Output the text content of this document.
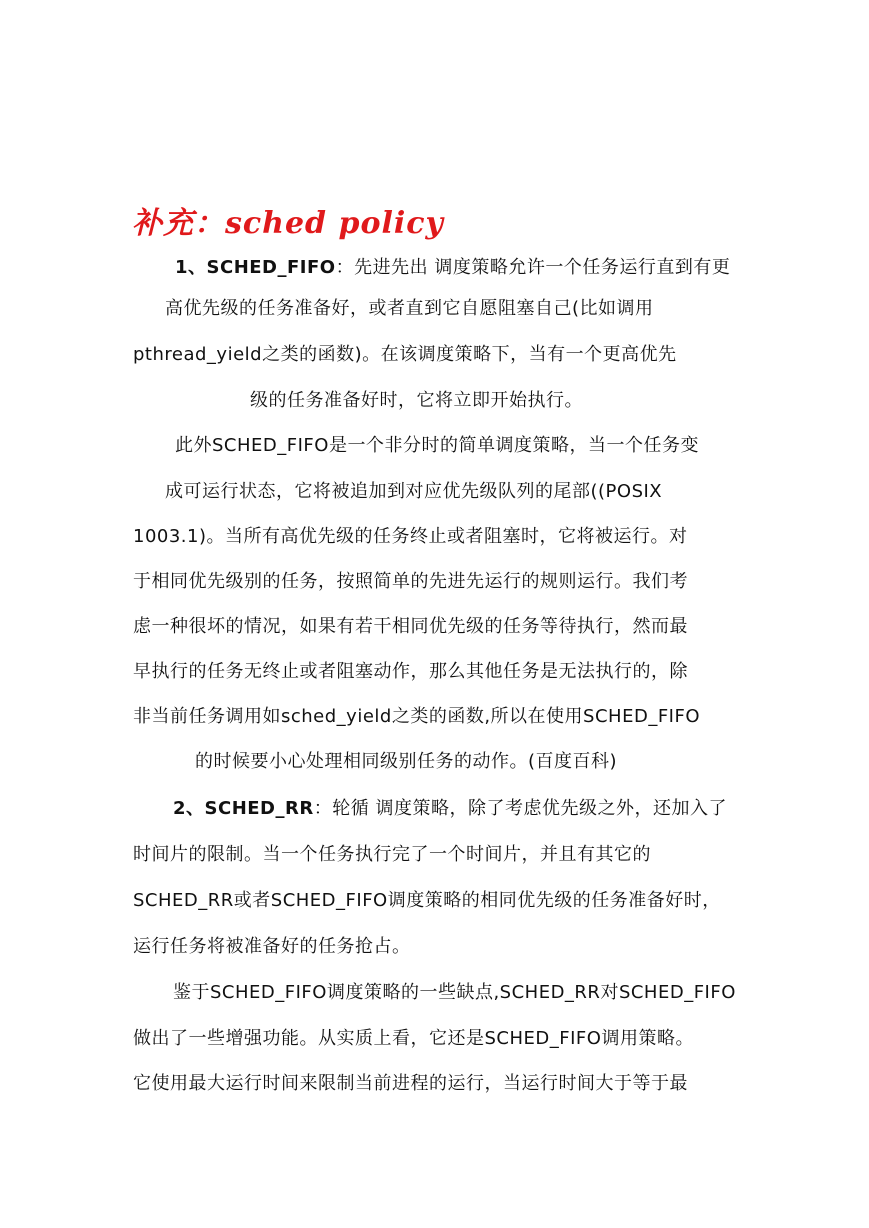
补充：sched policy
1、SCHED_FIFO：先进先出 调度策略允许一个任务运行直到有更
高优先级的任务准备好，或者直到它自愿阻塞自己(比如调用
pthread_yield之类的函数)。在该调度策略下，当有一个更高优先
级的任务准备好时，它将立即开始执行。
此外SCHED_FIFO是一个非分时的简单调度策略，当一个任务变
成可运行状态，它将被追加到对应优先级队列的尾部((POSIX
1003.1)。当所有高优先级的任务终止或者阻塞时，它将被运行。对
于相同优先级别的任务，按照简单的先进先运行的规则运行。我们考
虑一种很坏的情况，如果有若干相同优先级的任务等待执行，然而最
早执行的任务无终止或者阻塞动作，那么其他任务是无法执行的，除
非当前任务调用如sched_yield之类的函数,所以在使用SCHED_FIFO
的时候要小心处理相同级别任务的动作。(百度百科)
2、SCHED_RR：轮循 调度策略，除了考虑优先级之外，还加入了
时间片的限制。当一个任务执行完了一个时间片，并且有其它的
SCHED_RR或者SCHED_FIFO调度策略的相同优先级的任务准备好时，
运行任务将被准备好的任务抢占。
鉴于SCHED_FIFO调度策略的一些缺点,SCHED_RR对SCHED_FIFO
做出了一些增强功能。从实质上看，它还是SCHED_FIFO调用策略。
它使用最大运行时间来限制当前进程的运行，当运行时间大于等于最
